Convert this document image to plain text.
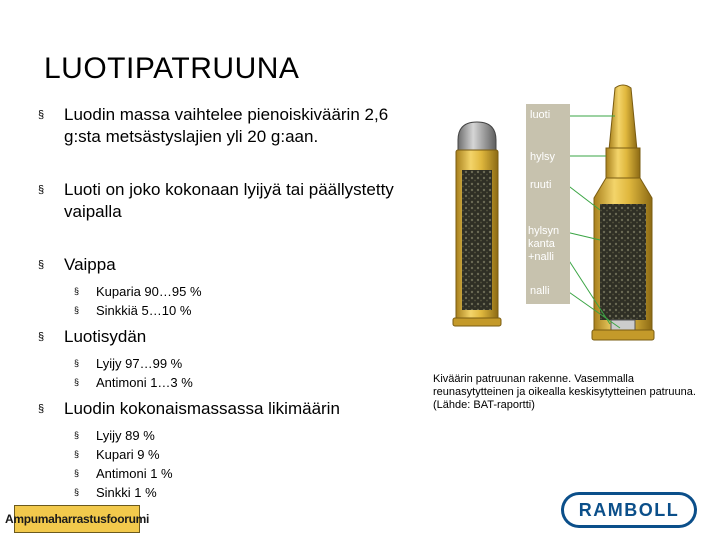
LUOTIPATRUUNA
§ Luodin massa vaihtelee pienoiskiväärin 2,6 g:sta metsästyslajien yli 20 g:aan.
§ Luoti on joko kokonaan lyijyä tai päällystetty vaipalla
§ Vaippa
§ Kuparia 90…95 %
§ Sinkkiä 5…10 %
§ Luotisydän
§ Lyijy 97…99 %
§ Antimoni 1…3 %
§ Luodin kokonaismassassa likimäärin
§ Lyijy 89 %
§ Kupari 9 %
§ Antimoni 1 %
§ Sinkki 1 %
luoti
hylsy
ruuti
hylsyn
kanta
+nalli
nalli
Kiväärin patruunan rakenne. Vasemmalla reunasytytteinen ja oikealla keskisytytteinen patruuna. (Lähde: BAT-raportti)
Ampumaharrastusfoorumi	RAMBOLL
